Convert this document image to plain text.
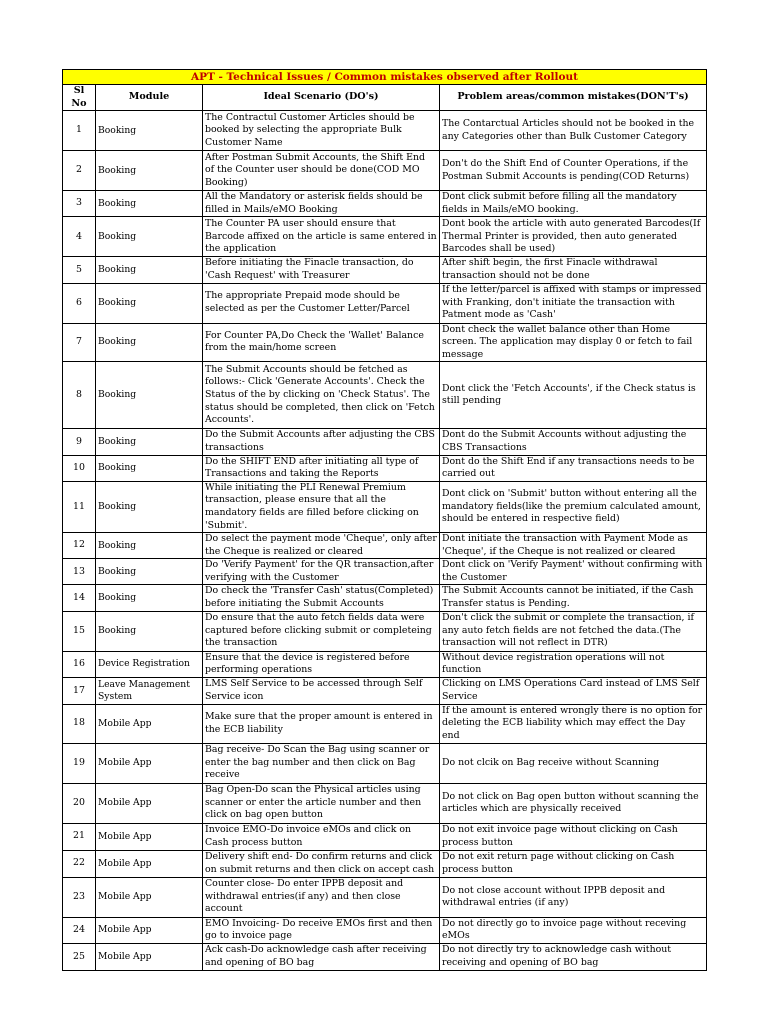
APT - Technical Issues / Common mistakes observed after Rollout			
Sl No	Module	Ideal Scenario (DO's)	Problem areas/common mistakes(DON'T's)
1	Booking	The Contractul Customer Articles should be booked by selecting the appropriate Bulk Customer Name	The Contarctual Articles should not be booked in the any Categories other than Bulk Customer Category
2	Booking	After Postman Submit Accounts, the Shift End of the Counter user should be done(COD MO Booking)	Don't do the Shift End of Counter Operations, if the Postman Submit Accounts is pending(COD Returns)
3	Booking	All the Mandatory or asterisk fields should be filled in Mails/eMO Booking	Dont click submit before filling all the mandatory fields in Mails/eMO booking.
4	Booking	The Counter PA user should ensure that Barcode affixed on the article is same entered in the application	Dont book the article with auto generated Barcodes(If Thermal Printer is provided, then auto generated Barcodes shall be used)
5	Booking	Before initiating the Finacle transaction, do 'Cash Request' with Treasurer	After shift begin, the first Finacle withdrawal transaction should not be done
6	Booking	The appropriate Prepaid mode should be selected as per the Customer Letter/Parcel	If the letter/parcel is affixed with stamps or impressed with Franking, don't initiate the transaction with Patment mode as 'Cash'
7	Booking	For Counter PA,Do Check the 'Wallet' Balance from the main/home screen	Dont check the wallet balance other than Home screen. The application may display 0 or fetch to fail message
8	Booking	The Submit Accounts should be fetched as follows:- Click 'Generate Accounts'. Check the Status of the by clicking on 'Check Status'. The status should be completed, then click on 'Fetch Accounts'.	Dont click the 'Fetch Accounts', if the Check status is still pending
9	Booking	Do the Submit Accounts after adjusting the CBS transactions	Dont do the Submit Accounts without adjusting the CBS Transactions
10	Booking	Do the SHIFT END after initiating all type of Transactions and taking the Reports	Dont do the Shift End if any transactions needs to be carried out
11	Booking	While initiating the PLI Renewal Premium transaction, please ensure that all the mandatory fields are filled before clicking on 'Submit'.	Dont click on 'Submit' button without entering all the mandatory fields(like the premium calculated amount, should be entered in respective field)
12	Booking	Do select the payment mode 'Cheque', only after the Cheque is realized or cleared	Dont initiate the transaction with Payment Mode as 'Cheque', if the Cheque is not realized or cleared
13	Booking	Do 'Verify Payment' for the QR transaction,after verifying with the Customer	Dont click on 'Verify Payment' without confirming with the Customer
14	Booking	Do check the 'Transfer Cash' status(Completed) before initiating the Submit Accounts	The Submit Accounts cannot be initiated, if the Cash Transfer status is Pending.
15	Booking	Do ensure that the auto fetch fields data were captured before clicking submit or completeing the transaction	Don't click the submit or complete the transaction, if any auto fetch fields are not fetched the data.(The transaction will not reflect in DTR)
16	Device Registration	Ensure that the device is registered before performing operations	Without device registration operations will not function
17	Leave Management System	LMS Self Service to be accessed through Self Service icon	Clicking on LMS Operations Card instead of LMS Self Service
18	Mobile App	Make sure that the proper amount is entered in the ECB liability	If the amount is entered wrongly there is no option for deleting the ECB liability which may effect the Day end
19	Mobile App	Bag receive- Do Scan the Bag using scanner or enter the bag number and then click on Bag receive	Do not clcik on Bag receive without Scanning
20	Mobile App	Bag Open-Do scan the Physical articles using scanner or enter the article number and then click on bag open button	Do not click on Bag open button without scanning the articles which are physically received
21	Mobile App	Invoice EMO-Do invoice eMOs and click on Cash process button	Do not exit invoice page without clicking on Cash process button
22	Mobile App	Delivery shift end- Do confirm returns and click on submit returns and then click on accept cash	Do not exit return page without clicking on Cash process button
23	Mobile App	Counter close- Do enter IPPB deposit and withdrawal entries(if any) and then close account	Do not close account without IPPB deposit and withdrawal entries (if any)
24	Mobile App	EMO Invoicing- Do receive EMOs first and then go to invoice page	Do not directly go to invoice page without receving eMOs
25	Mobile App	Ack cash-Do acknowledge cash after receiving and opening of BO bag	Do not directly try to acknowledge cash without receiving and opening of BO bag
